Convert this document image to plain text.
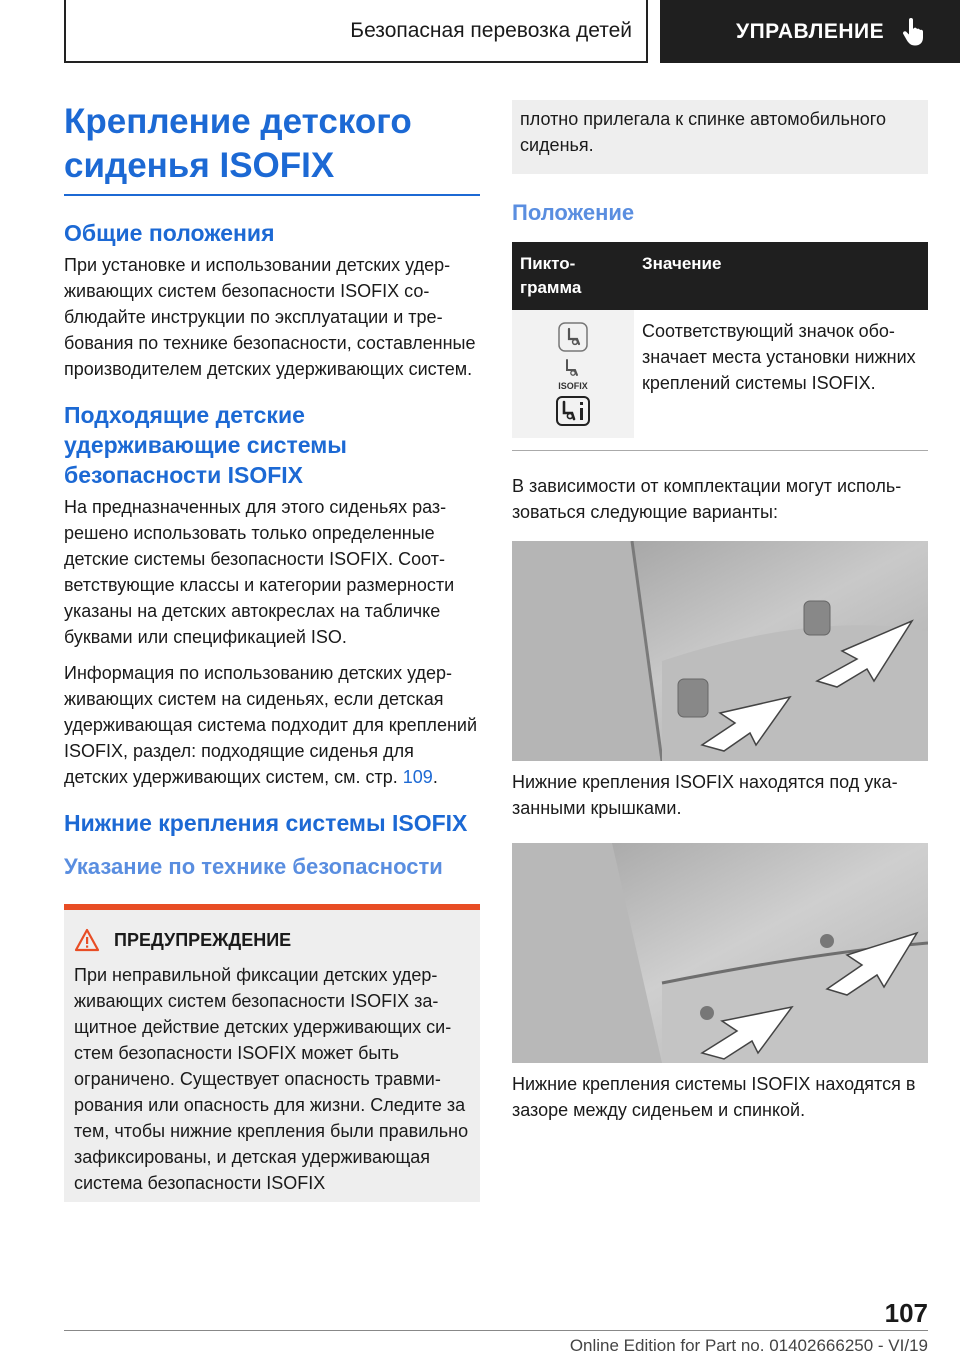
Безопасная перевозка детей	УПРАВЛЕНИЕ
Крепление детского сиденья ISOFIX
Общие положения

При установке и использовании детских удерживающих систем безопасности ISOFIX соблюдайте инструкции по эксплуатации и требования по технике безопасности, составленные производителем детских удерживающих систем.

Подходящие детские удерживающие системы безопасности ISOFIX

На предназначенных для этого сиденьях разрешено использовать только определенные детские системы безопасности ISOFIX. Соответствующие классы и категории размерности указаны на детских автокреслах на табличке буквами или спецификацией ISO.

Информация по использованию детских удерживающих систем на сиденьях, если детская удерживающая система подходит для креплений ISOFIX, раздел: подходящие сиденья для детских удерживающих систем, см. стр. 109.

Нижние крепления системы ISOFIX
Указание по технике безопасности
ПРЕДУПРЕЖДЕНИЕ

При неправильной фиксации детских удерживающих систем безопасности ISOFIX защитное действие детских удерживающих систем безопасности ISOFIX может быть ограничено. Существует опасность травмирования или опасность для жизни. Следите за тем, чтобы нижние крепления были правильно зафиксированы, и детская удерживающая система безопасности ISOFIX

плотно прилегала к спинке автомобильного сиденья.
Положение
Пиктограмма	Значение

ISOFIX	Соответствующий значок обозначает места установки нижних креплений системы ISOFIX.

В зависимости от комплектации могут использоваться следующие варианты:

Нижние крепления ISOFIX находятся под указанными крышками.
Нижние крепления системы ISOFIX находятся в зазоре между сиденьем и спинкой.
107
Online Edition for Part no. 01402666250 - VI/19
